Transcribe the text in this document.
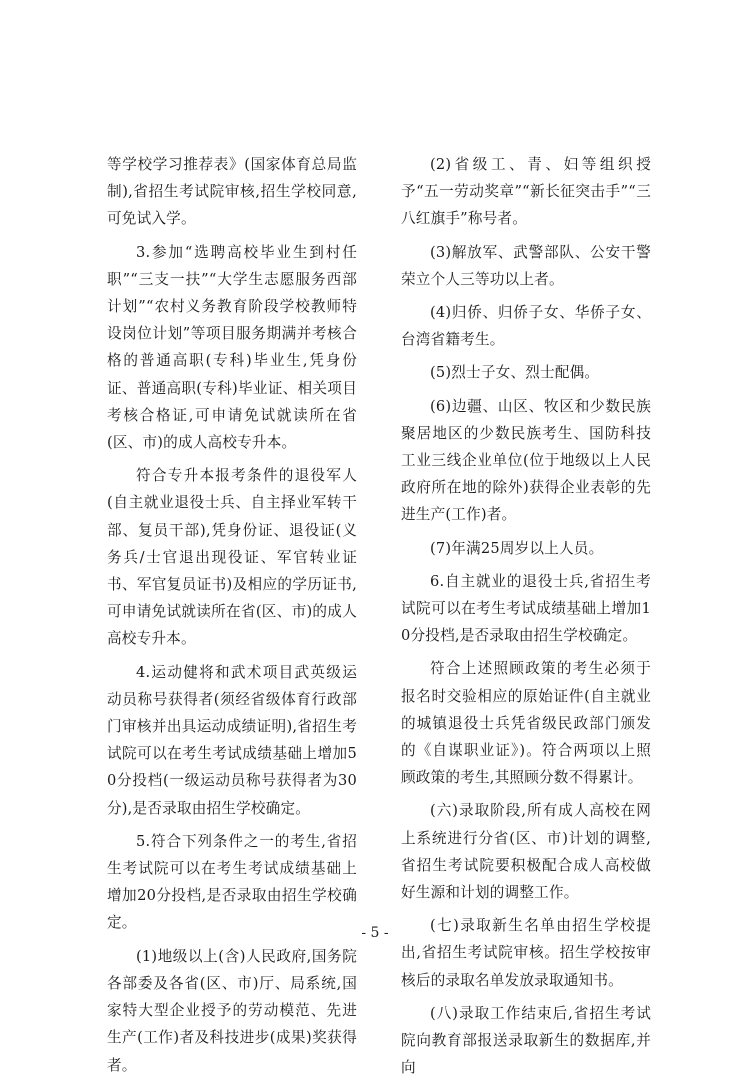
等学校学习推荐表》(国家体育总局监制),省招生考试院审核,招生学校同意,可免试入学。

3.参加“选聘高校毕业生到村任职”“三支一扶”“大学生志愿服务西部计划”“农村义务教育阶段学校教师特设岗位计划”等项目服务期满并考核合格的普通高职(专科)毕业生,凭身份证、普通高职(专科)毕业证、相关项目考核合格证,可申请免试就读所在省(区、市)的成人高校专升本。

符合专升本报考条件的退役军人(自主就业退役士兵、自主择业军转干部、复员干部),凭身份证、退役证(义务兵/士官退出现役证、军官转业证书、军官复员证书)及相应的学历证书,可申请免试就读所在省(区、市)的成人高校专升本。

4.运动健将和武术项目武英级运动员称号获得者(须经省级体育行政部门审核并出具运动成绩证明),省招生考试院可以在考生考试成绩基础上增加50分投档(一级运动员称号获得者为30分),是否录取由招生学校确定。

5.符合下列条件之一的考生,省招生考试院可以在考生考试成绩基础上增加20分投档,是否录取由招生学校确定。

(1)地级以上(含)人民政府,国务院各部委及各省(区、市)厅、局系统,国家特大型企业授予的劳动模范、先进生产(工作)者及科技进步(成果)奖获得者。

(2)省级工、青、妇等组织授予“五一劳动奖章”“新长征突击手”“三八红旗手”称号者。

(3)解放军、武警部队、公安干警荣立个人三等功以上者。

(4)归侨、归侨子女、华侨子女、台湾省籍考生。

(5)烈士子女、烈士配偶。

(6)边疆、山区、牧区和少数民族聚居地区的少数民族考生、国防科技工业三线企业单位(位于地级以上人民政府所在地的除外)获得企业表彰的先进生产(工作)者。

(7)年满25周岁以上人员。

6.自主就业的退役士兵,省招生考试院可以在考生考试成绩基础上增加10分投档,是否录取由招生学校确定。

符合上述照顾政策的考生必须于报名时交验相应的原始证件(自主就业的城镇退役士兵凭省级民政部门颁发的《自谋职业证》)。符合两项以上照顾政策的考生,其照顾分数不得累计。

(六)录取阶段,所有成人高校在网上系统进行分省(区、市)计划的调整,省招生考试院要积极配合成人高校做好生源和计划的调整工作。

(七)录取新生名单由招生学校提出,省招生考试院审核。招生学校按审核后的录取名单发放录取通知书。

(八)录取工作结束后,省招生考试院向教育部报送录取新生的数据库,并向

- 5 -
